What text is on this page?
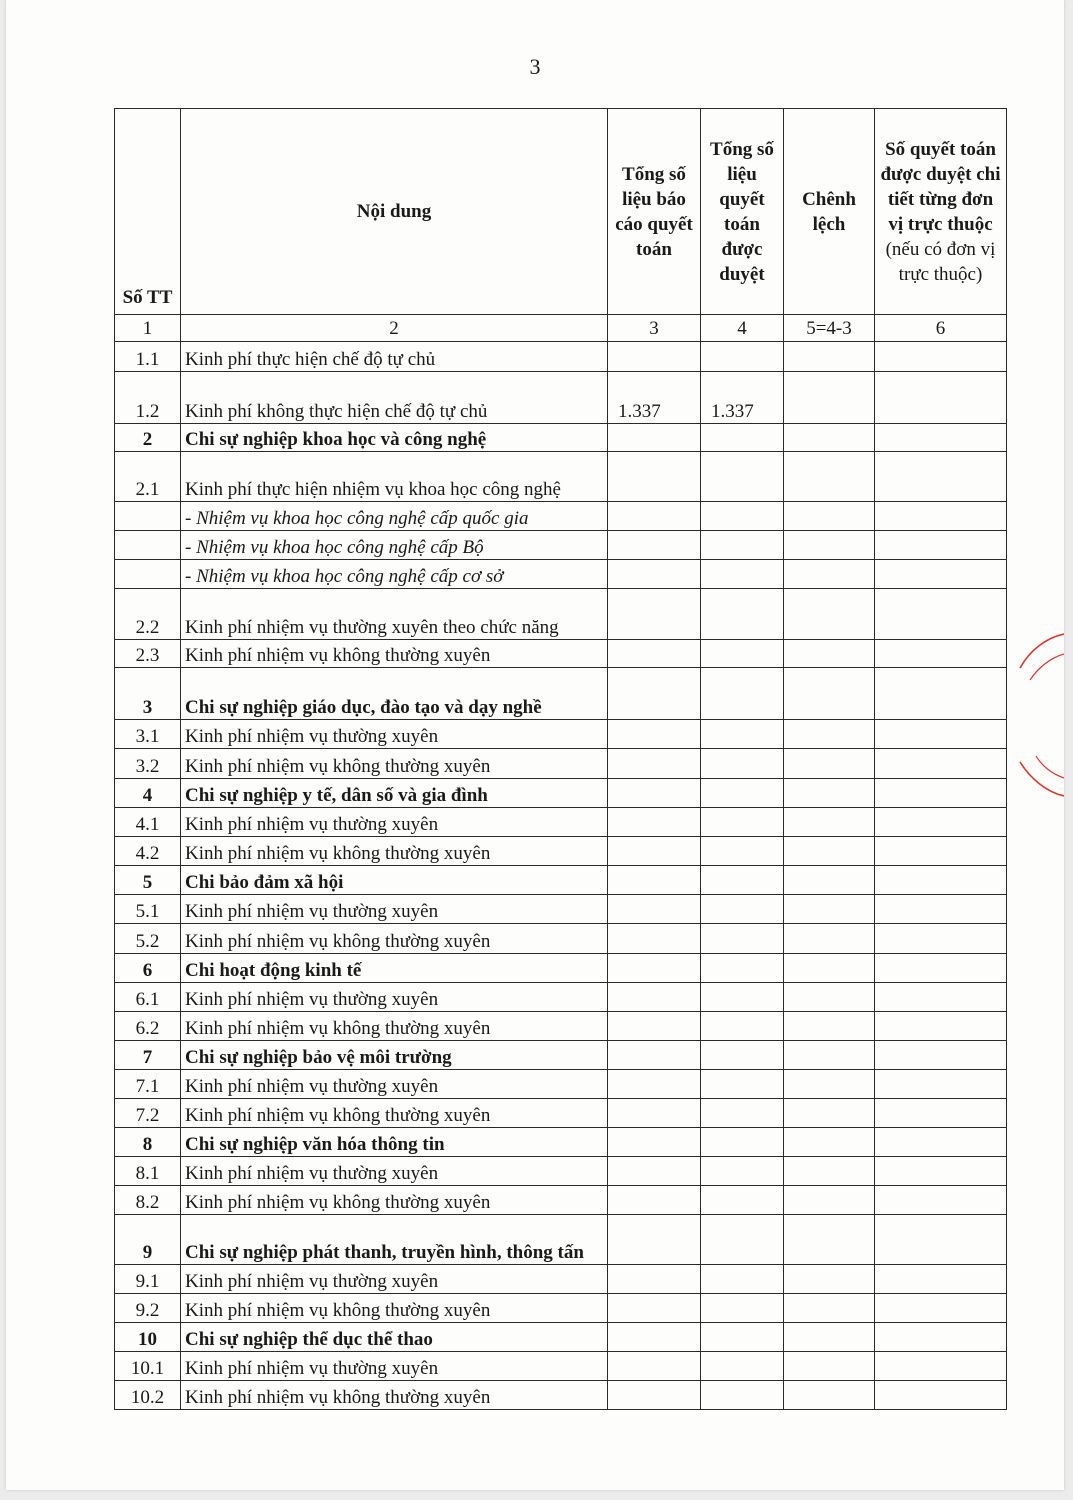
3
Số TT	Nội dung	Tổng số liệu báo cáo quyết toán	Tổng số liệu quyết toán được duyệt	Chênh lệch	Số quyết toán được duyệt chi tiết từng đơn vị trực thuộc (nếu có đơn vị trực thuộc)
1	2	3	4	5=4-3	6
1.1	Kinh phí thực hiện chế độ tự chủ				
1.2	Kinh phí không thực hiện chế độ tự chủ	1.337	1.337		
2	Chi sự nghiệp khoa học và công nghệ				
2.1	Kinh phí thực hiện nhiệm vụ khoa học công nghệ				
	- Nhiệm vụ khoa học công nghệ cấp quốc gia				
	- Nhiệm vụ khoa học công nghệ cấp Bộ				
	- Nhiệm vụ khoa học công nghệ cấp cơ sở				
2.2	Kinh phí nhiệm vụ thường xuyên theo chức năng				
2.3	Kinh phí nhiệm vụ không thường xuyên				
3	Chi sự nghiệp giáo dục, đào tạo và dạy nghề				
3.1	Kinh phí nhiệm vụ thường xuyên				
3.2	Kinh phí nhiệm vụ không thường xuyên				
4	Chi sự nghiệp y tế, dân số và gia đình				
4.1	Kinh phí nhiệm vụ thường xuyên				
4.2	Kinh phí nhiệm vụ không thường xuyên				
5	Chi bảo đảm xã hội				
5.1	Kinh phí nhiệm vụ thường xuyên				
5.2	Kinh phí nhiệm vụ không thường xuyên				
6	Chi hoạt động kinh tế				
6.1	Kinh phí nhiệm vụ thường xuyên				
6.2	Kinh phí nhiệm vụ không thường xuyên				
7	Chi sự nghiệp bảo vệ môi trường				
7.1	Kinh phí nhiệm vụ thường xuyên				
7.2	Kinh phí nhiệm vụ không thường xuyên				
8	Chi sự nghiệp văn hóa thông tin				
8.1	Kinh phí nhiệm vụ thường xuyên				
8.2	Kinh phí nhiệm vụ không thường xuyên				
9	Chi sự nghiệp phát thanh, truyền hình, thông tấn				
9.1	Kinh phí nhiệm vụ thường xuyên				
9.2	Kinh phí nhiệm vụ không thường xuyên				
10	Chi sự nghiệp thể dục thể thao				
10.1	Kinh phí nhiệm vụ thường xuyên				
10.2	Kinh phí nhiệm vụ không thường xuyên				
